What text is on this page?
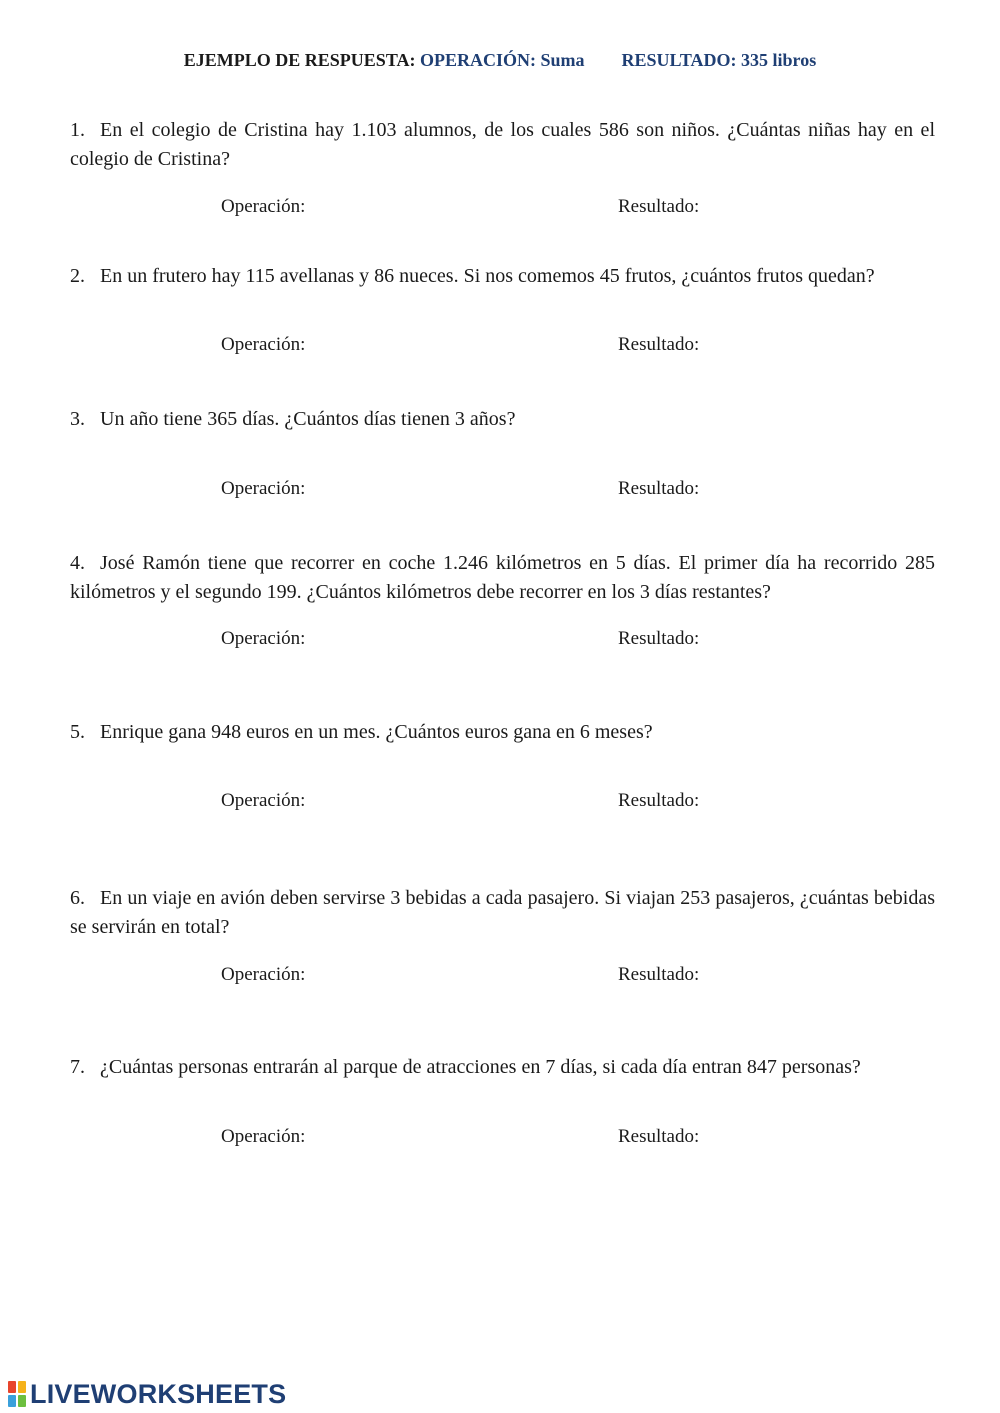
EJEMPLO DE RESPUESTA: OPERACIÓN: Suma RESULTADO: 335 libros
1. En el colegio de Cristina hay 1.103 alumnos, de los cuales 586 son niños. ¿Cuántas niñas hay en el colegio de Cristina?
Operación:	Resultado:
2. En un frutero hay 115 avellanas y 86 nueces. Si nos comemos 45 frutos, ¿cuántos frutos quedan?
Operación:	Resultado:
3. Un año tiene 365 días. ¿Cuántos días tienen 3 años?
Operación:	Resultado:
4. José Ramón tiene que recorrer en coche 1.246 kilómetros en 5 días. El primer día ha recorrido 285 kilómetros y el segundo 199. ¿Cuántos kilómetros debe recorrer en los 3 días restantes?
Operación:	Resultado:
5. Enrique gana 948 euros en un mes. ¿Cuántos euros gana en 6 meses?
Operación:	Resultado:
6. En un viaje en avión deben servirse 3 bebidas a cada pasajero. Si viajan 253 pasajeros, ¿cuántas bebidas se servirán en total?
Operación:	Resultado:
7. ¿Cuántas personas entrarán al parque de atracciones en 7 días, si cada día entran 847 personas?
Operación:	Resultado:
LIVEWORKSHEETS
